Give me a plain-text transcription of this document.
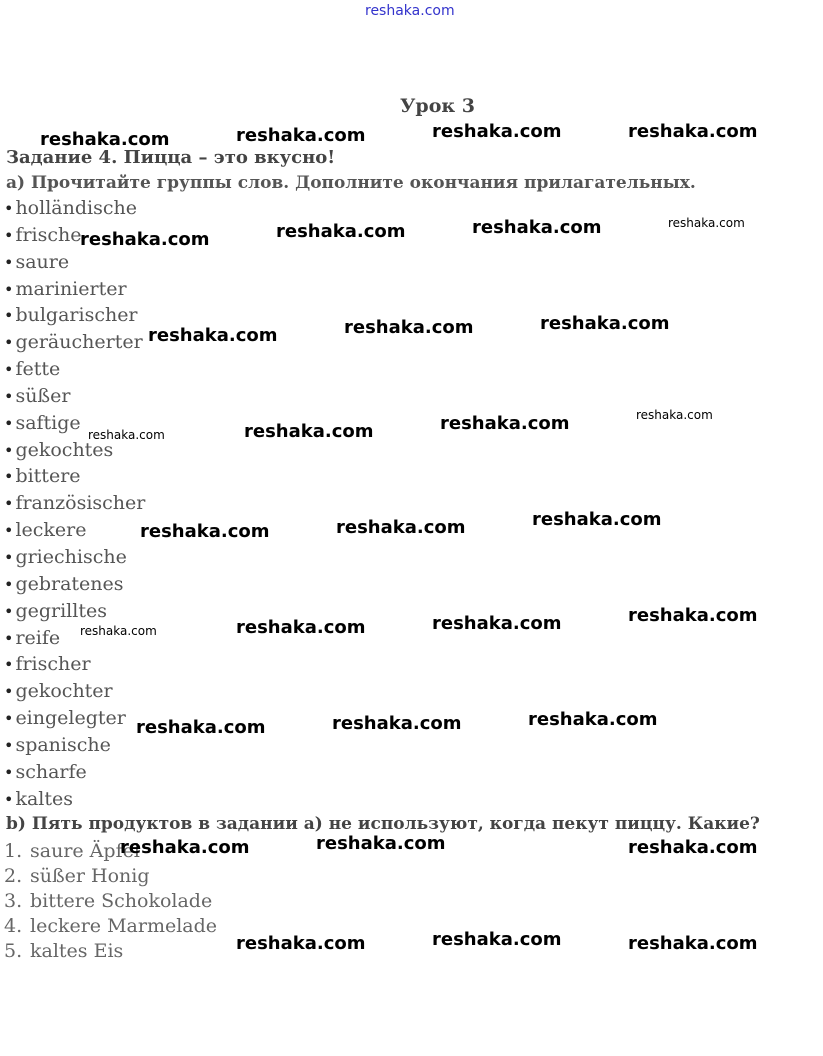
reshaka.com
Урок 3
Задание 4. Пицца – это вкусно!
a) Прочитайте группы слов. Дополните окончания прилагательных.
• holländische
• frische
• saure
• marinierter
• bulgarischer
• geräucherter
• fette
• süßer
• saftige
• gekochtes
• bittere
• französischer
• leckere
• griechische
• gebratenes
• gegrilltes
• reife
• frischer
• gekochter
• eingelegter
• spanische
• scharfe
• kaltes
b) Пять продуктов в задании а) не используют, когда пекут пиццу. Какие?
1. saure Äpfel
2. süßer Honig
3. bittere Schokolade
4. leckere Marmelade
5. kaltes Eis
reshaka.com	reshaka.com	reshaka.com	reshaka.com
reshaka.com	reshaka.com	reshaka.com	reshaka.com
reshaka.com	reshaka.com	reshaka.com
reshaka.com	reshaka.com	reshaka.com	reshaka.com
reshaka.com	reshaka.com	reshaka.com
reshaka.com	reshaka.com	reshaka.com	reshaka.com
reshaka.com	reshaka.com	reshaka.com
reshaka.com	reshaka.com	reshaka.com
reshaka.com	reshaka.com	reshaka.com
